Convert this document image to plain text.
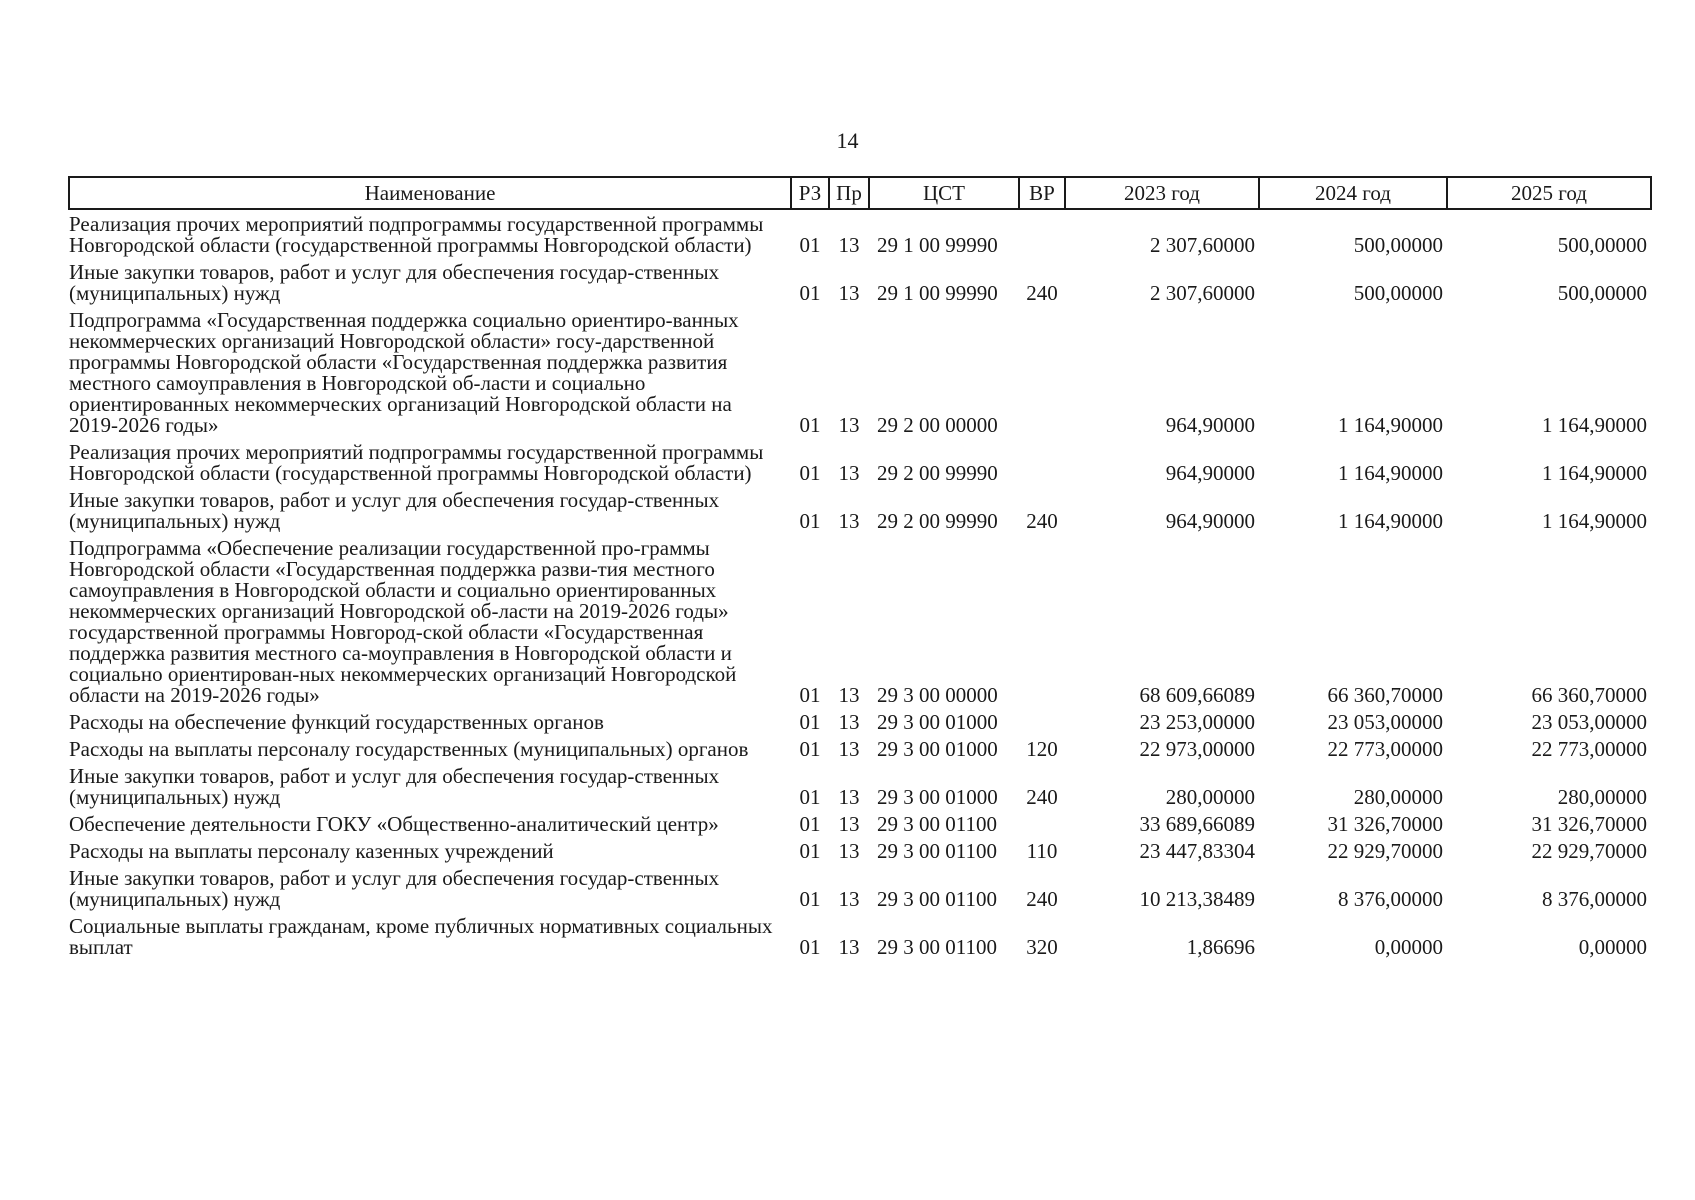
14
Наименование	РЗ	Пр	ЦСТ	ВР	2023 год	2024 год	2025 год
Реализация прочих мероприятий подпрограммы государственной программы Новгородской области (государственной программы Новгородской области)	01	13	29 1 00 99990		2 307,60000	500,00000	500,00000
Иные закупки товаров, работ и услуг для обеспечения государ-ственных (муниципальных) нужд	01	13	29 1 00 99990	240	2 307,60000	500,00000	500,00000
Подпрограмма «Государственная поддержка социально ориентиро-ванных некоммерческих организаций Новгородской области» госу-дарственной программы Новгородской области «Государственная поддержка развития местного самоуправления в Новгородской об-ласти и социально ориентированных некоммерческих организаций Новгородской области на 2019-2026 годы»	01	13	29 2 00 00000		964,90000	1 164,90000	1 164,90000
Реализация прочих мероприятий подпрограммы государственной программы Новгородской области (государственной программы Новгородской области)	01	13	29 2 00 99990		964,90000	1 164,90000	1 164,90000
Иные закупки товаров, работ и услуг для обеспечения государ-ственных (муниципальных) нужд	01	13	29 2 00 99990	240	964,90000	1 164,90000	1 164,90000
Подпрограмма «Обеспечение реализации государственной про-граммы Новгородской области «Государственная поддержка разви-тия местного самоуправления в Новгородской области и социально ориентированных некоммерческих организаций Новгородской об-ласти на 2019-2026 годы» государственной программы Новгород-ской области «Государственная поддержка развития местного са-моуправления в Новгородской области и социально ориентирован-ных некоммерческих организаций Новгородской области на 2019-2026 годы»	01	13	29 3 00 00000		68 609,66089	66 360,70000	66 360,70000
Расходы на обеспечение функций государственных органов	01	13	29 3 00 01000		23 253,00000	23 053,00000	23 053,00000
Расходы на выплаты персоналу государственных (муниципальных) органов	01	13	29 3 00 01000	120	22 973,00000	22 773,00000	22 773,00000
Иные закупки товаров, работ и услуг для обеспечения государ-ственных (муниципальных) нужд	01	13	29 3 00 01000	240	280,00000	280,00000	280,00000
Обеспечение деятельности ГОКУ «Общественно-аналитический центр»	01	13	29 3 00 01100		33 689,66089	31 326,70000	31 326,70000
Расходы на выплаты персоналу казенных учреждений	01	13	29 3 00 01100	110	23 447,83304	22 929,70000	22 929,70000
Иные закупки товаров, работ и услуг для обеспечения государ-ственных (муниципальных) нужд	01	13	29 3 00 01100	240	10 213,38489	8 376,00000	8 376,00000
Социальные выплаты гражданам, кроме публичных нормативных социальных выплат	01	13	29 3 00 01100	320	1,86696	0,00000	0,00000
